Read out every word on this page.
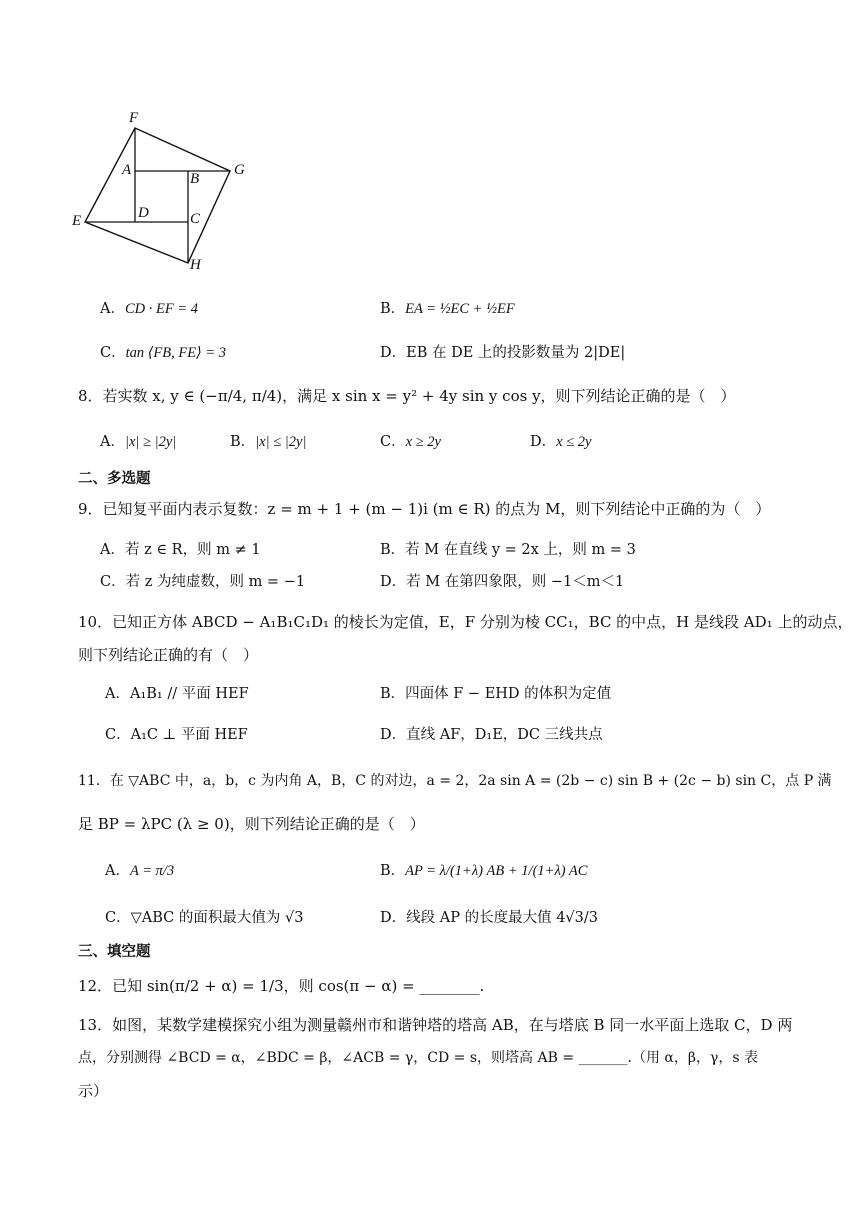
F
A
B
G
E	D	C
H
A．CD · EF = 4	B．EA = ½EC + ½EF
C．tan ⟨FB, FE⟩ = 3	D．EB 在 DE 上的投影数量为 2|DE|
8．若实数 x, y ∈ (−π/4, π/4)，满足 x sin x = y² + 4y sin y cos y，则下列结论正确的是（　）
A．|x| ≥ |2y|	B．|x| ≤ |2y|	C．x ≥ 2y	D．x ≤ 2y
二、多选题
9．已知复平面内表示复数：z = m + 1 + (m − 1)i (m ∈ R) 的点为 M，则下列结论中正确的为（　）
A．若 z ∈ R，则 m ≠ 1	B．若 M 在直线 y = 2x 上，则 m = 3
C．若 z 为纯虚数，则 m = −1	D．若 M 在第四象限，则 −1＜m＜1
10．已知正方体 ABCD − A₁B₁C₁D₁ 的棱长为定值，E，F 分别为棱 CC₁，BC 的中点，H 是线段 AD₁ 上的动点，
则下列结论正确的有（　）
A．A₁B₁ // 平面 HEF	B．四面体 F − EHD 的体积为定值
C．A₁C ⊥ 平面 HEF	D．直线 AF，D₁E，DC 三线共点
11．在 ▽ABC 中，a，b，c 为内角 A，B，C 的对边，a = 2，2a sin A = (2b − c) sin B + (2c − b) sin C，点 P 满
足 BP = λPC (λ ≥ 0)，则下列结论正确的是（　）
A．A = π/3	B．AP = λ/(1+λ) AB + 1/(1+λ) AC
C．▽ABC 的面积最大值为 √3	D．线段 AP 的长度最大值 4√3/3
三、填空题
12．已知 sin(π/2 + α) = 1/3，则 cos(π − α) = ________.
13．如图，某数学建模探究小组为测量赣州市和谐钟塔的塔高 AB，在与塔底 B 同一水平面上选取 C，D 两
点，分别测得 ∠BCD = α，∠BDC = β，∠ACB = γ，CD = s，则塔高 AB = _______.（用 α，β，γ，s 表
示）
